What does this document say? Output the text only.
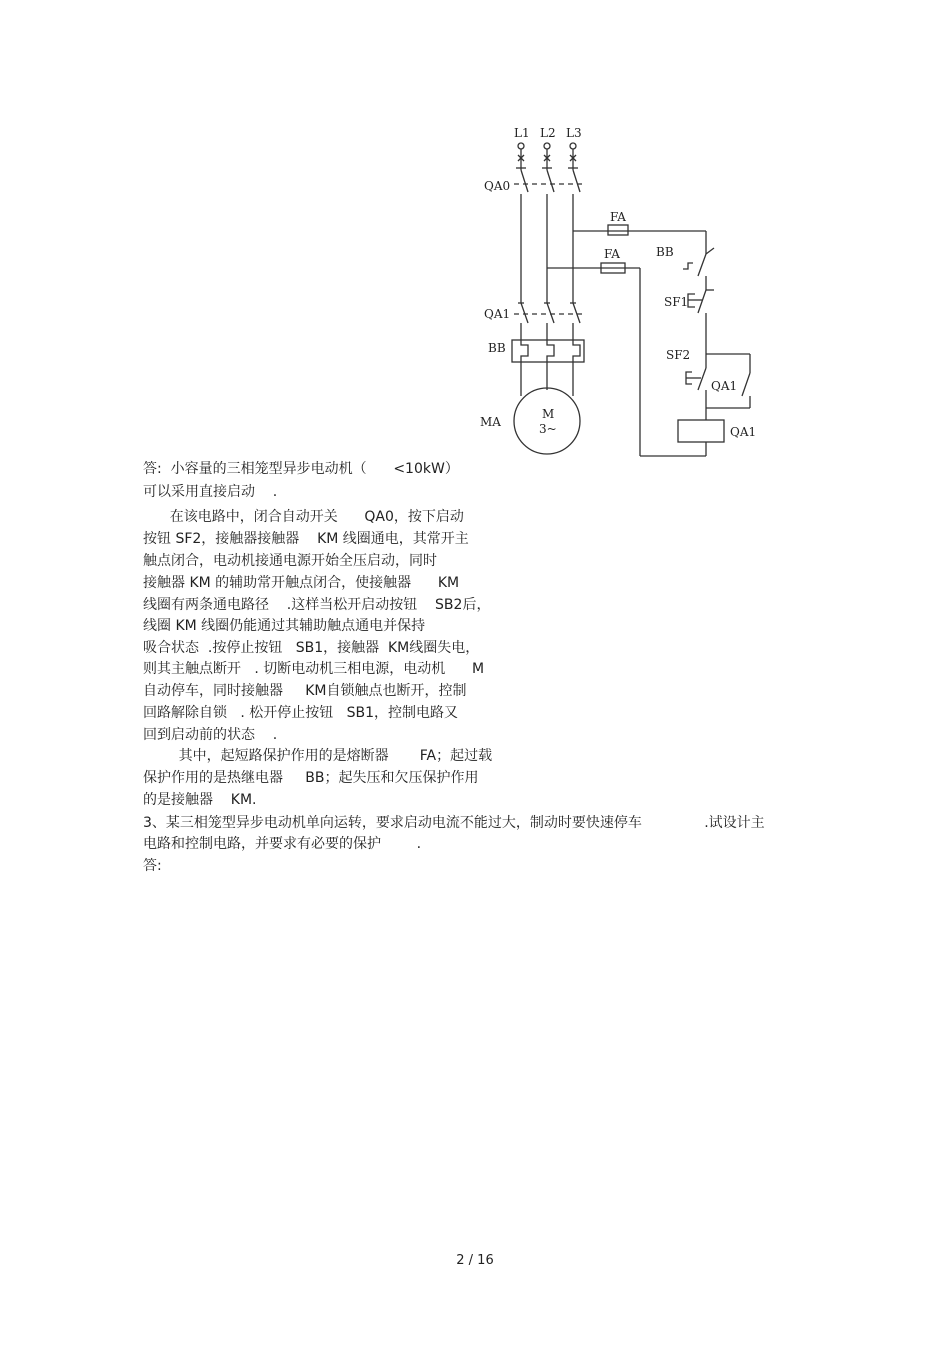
L1 L2 L3
QA0
FA
FA	BB
SF1
QA1
BB
MA
M
3~
SF2
QA1
QA1
答:  小容量的三相笼型异步电动机（      <10kW）
可以采用直接启动    .
在该电路中，闭合自动开关      QA0，按下启动
按钮 SF2，接触器接触器    KM 线圈通电，其常开主
触点闭合，电动机接通电源开始全压启动，同时
接触器 KM 的辅助常开触点闭合，使接触器      KM
线圈有两条通电路径    .这样当松开启动按钮    SB2后，
线圈 KM 线圈仍能通过其辅助触点通电并保持
吸合状态  .按停止按钮   SB1，接触器  KM线圈失电，
则其主触点断开   . 切断电动机三相电源，电动机      M
自动停车，同时接触器     KM自锁触点也断开，控制
回路解除自锁   . 松开停止按钮   SB1，控制电路又
回到启动前的状态    .
其中，起短路保护作用的是熔断器       FA；起过载
保护作用的是热继电器     BB；起失压和欠压保护作用
的是接触器    KM.
3、某三相笼型异步电动机单向运转，要求启动电流不能过大，制动时要快速停车              .试设计主
电路和控制电路，并要求有必要的保护        .
答:
2 / 16
